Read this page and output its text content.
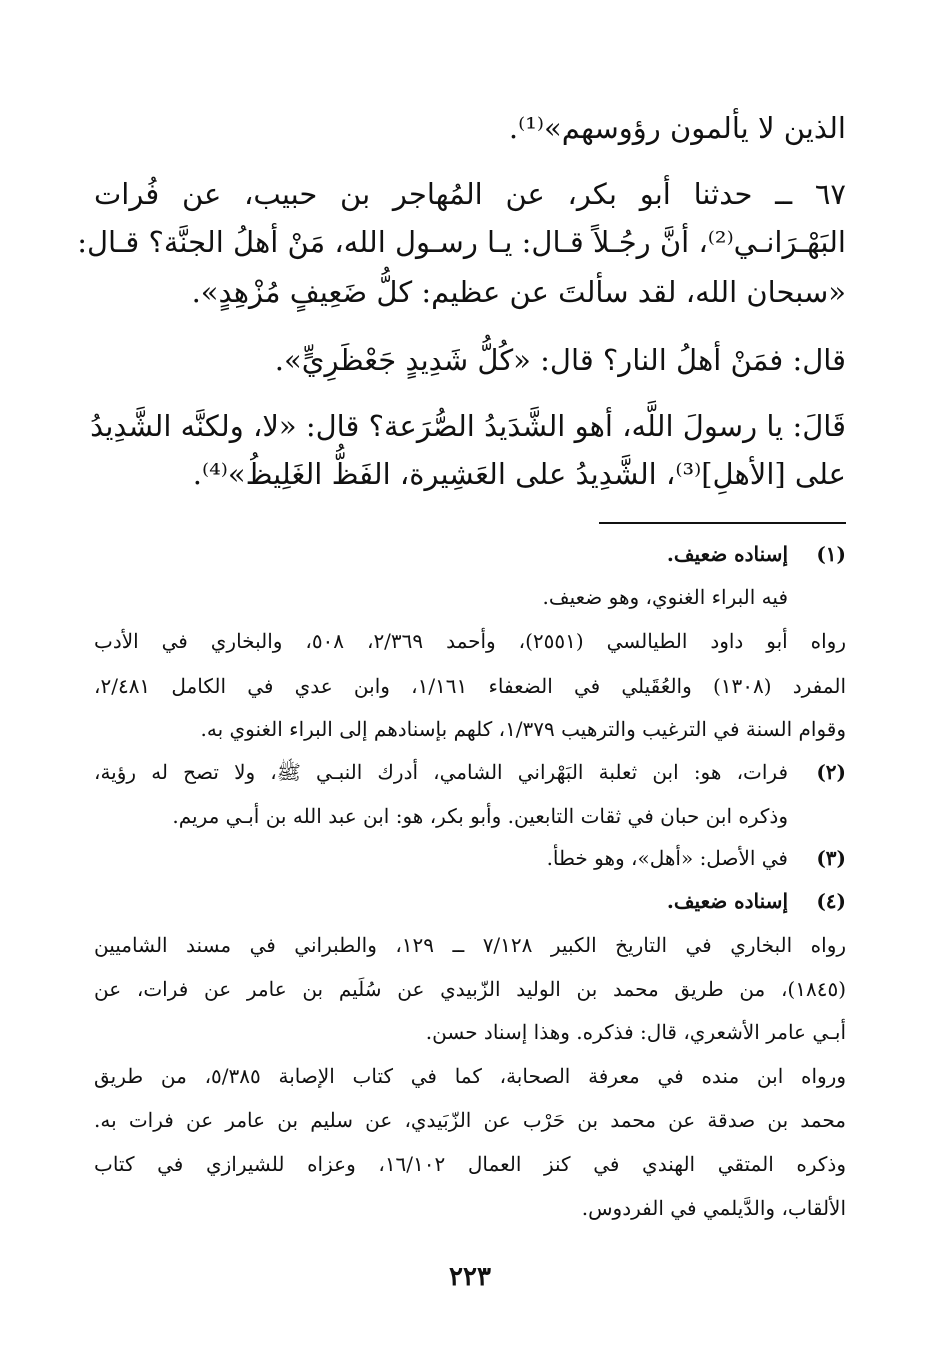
الذين لا يألمون رؤوسهم»⁽¹⁾.
٦٧ ــ حدثنا أبو بكر، عن المُهاجر بن حبيب، عن فُرات
البَهْـرَانـي⁽²⁾، أنَّ رجُـلاً قـال: يـا رسـول الله، مَنْ أهلُ الجنَّة؟ قـال:
«سبحان الله، لقد سألتَ عن عظيم: كلُّ ضَعِيفٍ مُزْهِدٍ».
قال: فمَنْ أهلُ النار؟ قال: «كُلُّ شَدِيدٍ جَعْظَرِيٍّ».
قَالَ: يا رسولَ اللَّه، أهو الشَّدَيدُ الصُّرَعة؟ قال: «لا، ولكنَّه الشَّدِيدُ
على [الأهلِ]⁽³⁾، الشَّدِيدُ على العَشِيرة، الفَظُّ الغَلِيظُ»⁽⁴⁾.
(١)
إسناده ضعيف.
فيه البراء الغنوي، وهو ضعيف.
رواه أبو داود الطيالسي (٢٥٥١)، وأحمد ٢/٣٦٩، ٥٠٨، والبخاري في الأدب
المفرد (١٣٠٨) والعُقَيلي في الضعفاء ١/١٦١، وابن عدي في الكامل ٢/٤٨١،
وقوام السنة في الترغيب والترهيب ١/٣٧٩، كلهم بإسنادهم إلى البراء الغنوي به.
(٢)
فرات، هو: ابن ثعلبة البَهْراني الشامي، أدرك النبـي ﷺ، ولا تصح له رؤية،
وذكره ابن حبان في ثقات التابعين. وأبو بكر، هو: ابن عبد الله بن أبـي مريم.
(٣)
في الأصل: «أهل»، وهو خطأ.
(٤)
إسناده ضعيف.
رواه البخاري في التاريخ الكبير ٧/١٢٨ ــ ١٢٩، والطبراني في مسند الشاميين
(١٨٤٥)، من طريق محمد بن الوليد الزّبيدي عن سُلَيم بن عامر عن فرات، عن
أبـي عامر الأشعري، قال: فذكره. وهذا إسناد حسن.
ورواه ابن منده في معرفة الصحابة، كما في كتاب الإصابة ٥/٣٨٥، من طريق
محمد بن صدقة عن محمد بن حَرْب عن الزّبَيدي، عن سليم بن عامر عن فرات به.
وذكره المتقي الهندي في كنز العمال ١٦/١٠٢، وعزاه للشيرازي في كتاب
الألقاب، والدَّيلمي في الفردوس.
٢٢٣
